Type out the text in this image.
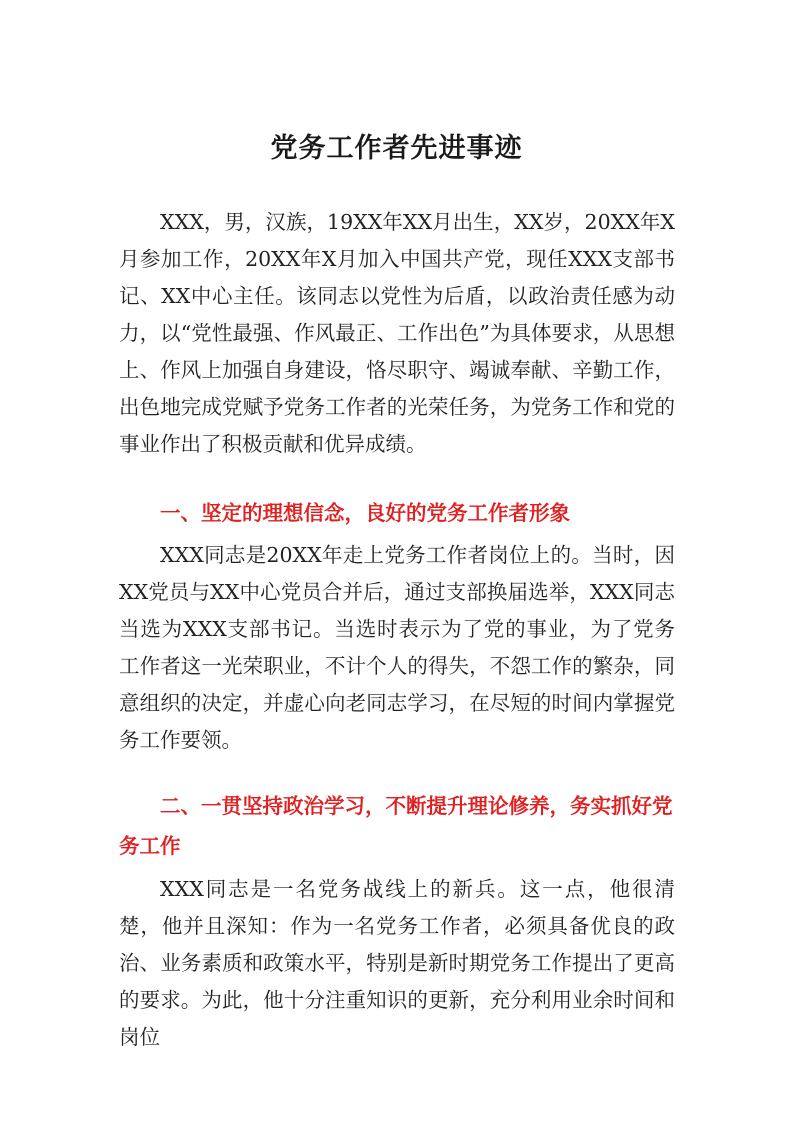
党务工作者先进事迹

XXX，男，汉族，19XX年XX月出生，XX岁，20XX年X月参加工作，20XX年X月加入中国共产党，现任XXX支部书记、XX中心主任。该同志以党性为后盾，以政治责任感为动力，以“党性最强、作风最正、工作出色”为具体要求，从思想上、作风上加强自身建设，恪尽职守、竭诚奉献、辛勤工作，出色地完成党赋予党务工作者的光荣任务，为党务工作和党的事业作出了积极贡献和优异成绩。

一、坚定的理想信念，良好的党务工作者形象

XXX同志是20XX年走上党务工作者岗位上的。当时，因XX党员与XX中心党员合并后，通过支部换届选举，XXX同志当选为XXX支部书记。当选时表示为了党的事业，为了党务工作者这一光荣职业，不计个人的得失，不怨工作的繁杂，同意组织的决定，并虚心向老同志学习，在尽短的时间内掌握党务工作要领。

二、一贯坚持政治学习，不断提升理论修养，务实抓好党务工作

XXX同志是一名党务战线上的新兵。这一点，他很清楚，他并且深知：作为一名党务工作者，必须具备优良的政治、业务素质和政策水平，特别是新时期党务工作提出了更高的要求。为此，他十分注重知识的更新，充分利用业余时间和岗位
